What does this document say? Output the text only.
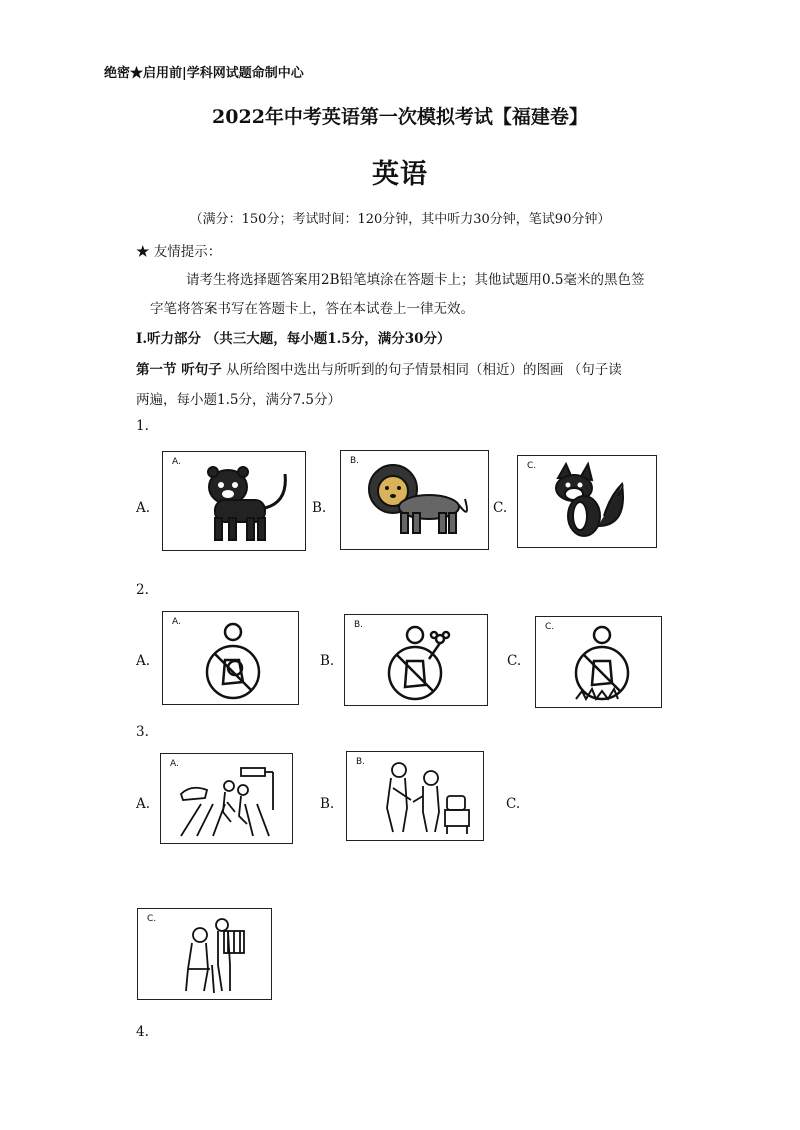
绝密★启用前|学科网试题命制中心
2022年中考英语第一次模拟考试【福建卷】
英语
（满分：150分；考试时间：120分钟，其中听力30分钟，笔试90分钟）
★ 友情提示：
请考生将选择题答案用2B铅笔填涂在答题卡上；其他试题用0.5毫米的黑色签
字笔将答案书写在答题卡上，答在本试卷上一律无效。
I.听力部分 （共三大题，每小题1.5分，满分30分）
第一节 听句子 从所给图中选出与所听到的句子情景相同（相近）的图画 （句子读
两遍，每小题1.5分，满分7.5分）
1.
A.
A.
B.
B.
C.
C.
2.
A.
A.
B.
B.
C.
C.
3.
A.
A.
B.
B.
C.
C.
4.
